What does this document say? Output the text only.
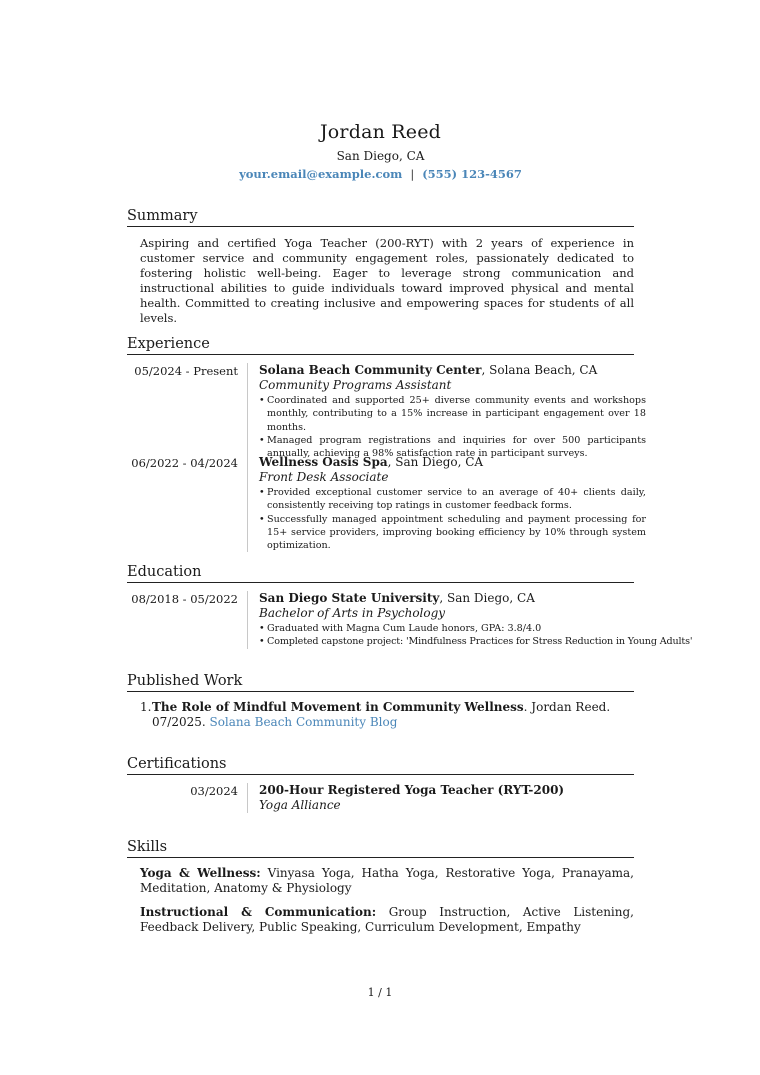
Jordan Reed
San Diego, CA
your.email@example.com | (555) 123-4567
Summary
Aspiring and certified Yoga Teacher (200-RYT) with 2 years of experience in customer service and community engagement roles, passionately dedicated to fostering holistic well-being. Eager to leverage strong communication and instructional abilities to guide individuals toward improved physical and mental health. Committed to creating inclusive and empowering spaces for students of all levels.
Experience
05/2024 - Present Solana Beach Community Center, Solana Beach, CA
Community Programs Assistant
• Coordinated and supported 25+ diverse community events and workshops monthly, contributing to a 15% increase in participant engagement over 18 months.
• Managed program registrations and inquiries for over 500 participants annually, achieving a 98% satisfaction rate in participant surveys.
06/2022 - 04/2024 Wellness Oasis Spa, San Diego, CA
Front Desk Associate
• Provided exceptional customer service to an average of 40+ clients daily, consistently receiving top ratings in customer feedback forms.
• Successfully managed appointment scheduling and payment processing for 15+ service providers, improving booking efficiency by 10% through system optimization.
Education
08/2018 - 05/2022 San Diego State University, San Diego, CA
Bachelor of Arts in Psychology
• Graduated with Magna Cum Laude honors, GPA: 3.8/4.0
• Completed capstone project: 'Mindfulness Practices for Stress Reduction in Young Adults'
Published Work
1. The Role of Mindful Movement in Community Wellness. Jordan Reed. 07/2025. Solana Beach Community Blog
Certifications
03/2024 200-Hour Registered Yoga Teacher (RYT-200)
Yoga Alliance
Skills
Yoga & Wellness: Vinyasa Yoga, Hatha Yoga, Restorative Yoga, Pranayama, Meditation, Anatomy & Physiology
Instructional & Communication: Group Instruction, Active Listening, Feedback Delivery, Public Speaking, Curriculum Development, Empathy
1 / 1
